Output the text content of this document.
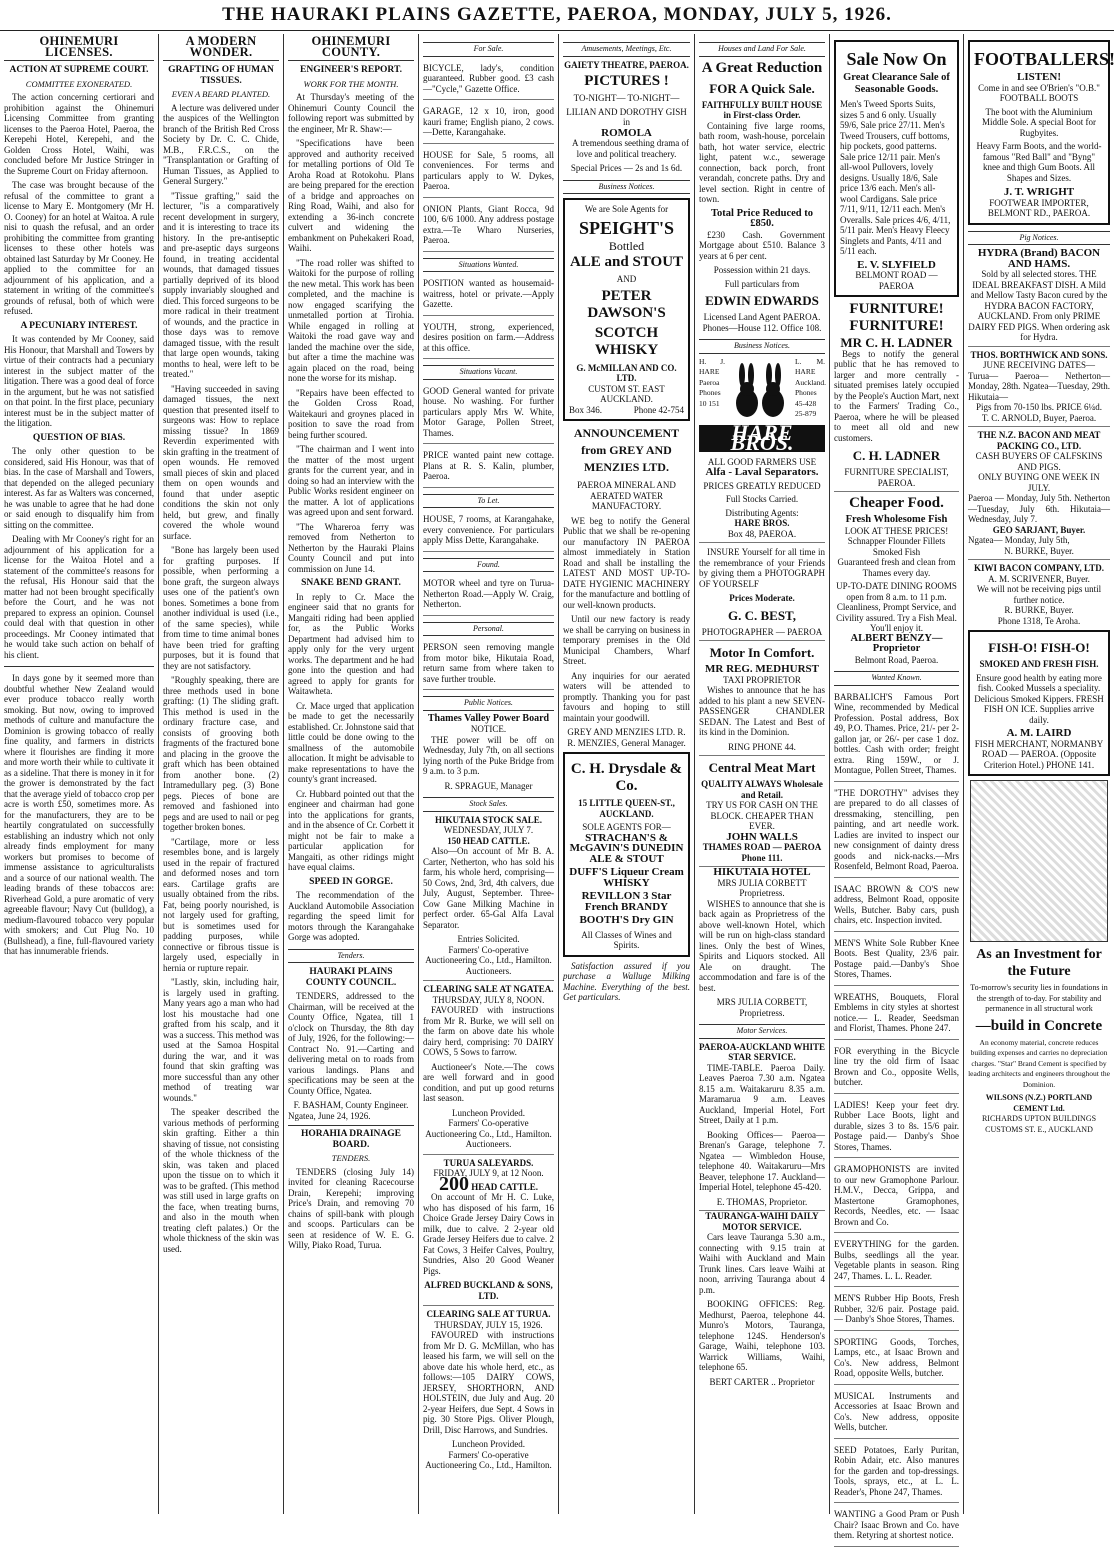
THE HAURAKI PLAINS GAZETTE, PAEROA, MONDAY, JULY 5, 1926.
OHINEMURI LICENSES.
ACTION AT SUPREME COURT.
COMMITTEE EXONERATED.

The action concerning certiorari and prohibition against the Ohinemuri Licensing Committee from granting licenses to the Paeroa Hotel, Paeroa, the Kerepehi Hotel, Kerepehi, and the Golden Cross Hotel, Waihi, was concluded before Mr Justice Stringer in the Supreme Court on Friday afternoon.

The case was brought because of the refusal of the committee to grant a license to Mary E. Montgomery (Mr H. O. Cooney) for an hotel at Waitoa. A rule nisi to quash the refusal, and an order prohibiting the committee from granting licenses to these other hotels was obtained last Saturday by Mr Cooney. He applied to the committee for an adjournment of his application, and a statement in writing of the committee's grounds of refusal, both of which were refused.

A PECUNIARY INTEREST.

It was contended by Mr Cooney, said His Honour, that Marshall and Towers by virtue of their contracts had a pecuniary interest in the subject matter of the litigation. There was a good deal of force in the argument, but he was not satisfied on that point. In the first place, pecuniary interest must be in the subject matter of the litigation.

QUESTION OF BIAS.

The only other question to be considered, said His Honour, was that of bias. In the case of Marshall and Towers, that depended on the alleged pecuniary interest. As far as Walters was concerned, he was unable to agree that he had done or said enough to disqualify him from sitting on the committee.

Dealing with Mr Cooney's right for an adjournment of his application for a license for the Waitoa Hotel and a statement of the committee's reasons for the refusal, His Honour said that the matter had not been brought specifically before the Court, and he was not prepared to express an opinion. Counsel could deal with that question in other proceedings. Mr Cooney intimated that he would take such action on behalf of his client.

In days gone by it seemed more than doubtful whether New Zealand would ever produce tobacco really worth smoking. But now, owing to improved methods of culture and manufacture the Dominion is growing tobacco of really fine quality, and farmers in districts where it flourishes are finding it more and more worth their while to cultivate it as a sideline. That there is money in it for the grower is demonstrated by the fact that the average yield of tobacco crop per acre is worth £50, sometimes more. As for the manufacturers, they are to be heartily congratulated on successfully establishing an industry which not only already finds employment for many workers but promises to become of immense assistance to agriculturalists and a source of our national wealth. The leading brands of these tobaccos are: Riverhead Gold, a pure aromatic of very agreeable flavour; Navy Cut (bulldog), a medium-flavoured tobacco very popular with smokers; and Cut Plug No. 10 (Bullshead), a fine, full-flavoured variety that has innumerable friends.

A MODERN WONDER.
GRAFTING OF HUMAN TISSUES.
EVEN A BEARD PLANTED.

A lecture was delivered under the auspices of the Wellington branch of the British Red Cross Society by Dr. C. C. Chide, M.B., F.R.C.S., on the "Transplantation or Grafting of Human Tissues, as Applied to General Surgery."

"Tissue grafting," said the lecturer, "is a comparatively recent development in surgery, and it is interesting to trace its history. In the pre-antiseptic and pre-aseptic days surgeons found, in treating accidental wounds, that damaged tissues partially deprived of its blood supply invariably sloughed and died. This forced surgeons to be more radical in their treatment of wounds, and the practice in those days was to remove damaged tissue, with the result that large open wounds, taking months to heal, were left to be treated."

"Having succeeded in saving damaged tissues, the next question that presented itself to surgeons was: How to replace missing tissue? In 1869 Reverdin experimented with skin grafting in the treatment of open wounds. He removed small pieces of skin and placed them on open wounds and found that under aseptic conditions the skin not only held, but grew, and finally covered the whole wound surface.

"Bone has largely been used for grafting purposes. If possible, when performing a bone graft, the surgeon always uses one of the patient's own bones. Sometimes a bone from another individual is used (i.e., of the same species), while from time to time animal bones have been tried for grafting purposes, but it is found that they are not satisfactory.

"Roughly speaking, there are three methods used in bone grafting: (1) The sliding graft. This method is used in the ordinary fracture case, and consists of grooving both fragments of the fractured bone and placing in the groove the graft which has been obtained from another bone. (2) Intramedullary peg. (3) Bone pegs. Pieces of bone are removed and fashioned into pegs and are used to nail or peg together broken bones.

"Cartilage, more or less resembles bone, and is largely used in the repair of fractured and deformed noses and torn ears. Cartilage grafts are usually obtained from the ribs. Fat, being poorly nourished, is not largely used for grafting, but is sometimes used for padding purposes, while connective or fibrous tissue is largely used, especially in hernia or rupture repair.

"Lastly, skin, including hair, is largely used in grafting. Many years ago a man who had lost his moustache had one grafted from his scalp, and it was a success. This method was used at the Samoa Hospital during the war, and it was found that skin grafting was more successful than any other method of treating war wounds."

The speaker described the various methods of performing skin grafting. Either a thin shaving of tissue, not consisting of the whole thickness of the skin, was taken and placed upon the tissue on to which it was to be grafted. (This method was still used in large grafts on the face, when treating burns, and also in the mouth when treating cleft palates.) Or the whole thickness of the skin was used.

OHINEMURI COUNTY.
ENGINEER'S REPORT.
WORK FOR THE MONTH.

At Thursday's meeting of the Ohinemuri County Council the following report was submitted by the engineer, Mr R. Shaw:—

"Specifications have been approved and authority received for metalling portions of Old Te Aroha Road at Rotokohu. Plans are being prepared for the erection of a bridge and approaches on Ring Road, Waihi, and also for extending a 36-inch concrete culvert and widening the embankment on Puhekakeri Road, Waihi.

"The road roller was shifted to Waitoki for the purpose of rolling the new metal. This work has been completed, and the machine is now engaged scarifying the unmetalled portion at Tirohia. While engaged in rolling at Waitoki the road gave way and landed the machine over the side, but after a time the machine was again placed on the road, being none the worse for its mishap.

"Repairs have been effected to the Golden Cross Road, Waitekauri and groynes placed in position to save the road from being further scoured.

"The chairman and I went into the matter of the most urgent grants for the current year, and in doing so had an interview with the Public Works resident engineer on the matter. A lot of applications was agreed upon and sent forward.

"The Whareroa ferry was removed from Netherton to Netherton by the Hauraki Plains County Council and put into commission on June 14.

SNAKE BEND GRANT.

In reply to Cr. Mace the engineer said that no grants for Mangaiti riding had been applied for, as the Public Works Department had advised him to apply only for the very urgent works. The department and he had gone into the question and had agreed to apply for grants for Waitawheta.

Cr. Mace urged that application be made to get the necessarily established. Cr. Johnstone said that little could be done owing to the smallness of the automobile allocation. It might be advisable to make representations to have the county's grant increased.

Cr. Hubbard pointed out that the engineer and chairman had gone into the applications for grants, and in the absence of Cr. Corbett it might not be fair to make a particular application for Mangaiti, as other ridings might have equal claims.

SPEED IN GORGE.

The recommendation of the Auckland Automobile Association regarding the speed limit for motors through the Karangahake Gorge was adopted.

Tenders.
HAURAKI PLAINS COUNTY COUNCIL.

TENDERS, addressed to the Chairman, will be received at the County Office, Ngatea, till 1 o'clock on Thursday, the 8th day of July, 1926, for the following:—Contract No. 91.—Carting and delivering metal on to roads from various landings. Plans and specifications may be seen at the County Office, Ngatea.

F. BASHAM, County Engineer.
Ngatea, June 24, 1926.
HORAHIA DRAINAGE BOARD.
TENDERS.

TENDERS (closing July 14) invited for cleaning Racecourse Drain, Kerepehi; improving Price's Drain, and removing 70 chains of spill-bank with plough and scoops. Particulars can be seen at residence of W. E. G. Willy, Piako Road, Turua.

For Sale.
BICYCLE, lady's, condition guaranteed. Rubber good. £3 cash—"Cycle," Gazette Office.
GARAGE, 12 x 10, iron, good kauri frame; English piano, 2 cows.—Dette, Karangahake.
HOUSE for Sale, 5 rooms, all conveniences. For terms and particulars apply to W. Dykes, Paeroa.
ONION Plants, Giant Rocca, 9d 100, 6/6 1000. Any address postage extra.—Te Wharo Nurseries, Paeroa.
Situations Wanted.
POSITION wanted as housemaid-waitress, hotel or private.—Apply Gazette.
YOUTH, strong, experienced, desires position on farm.—Address at this office.
Situations Vacant.
GOOD General wanted for private house. No washing. For further particulars apply Mrs W. White, Motor Garage, Pollen Street, Thames.
PRICE wanted paint new cottage. Plans at R. S. Kalin, plumber, Paeroa.
To Let.
HOUSE, 7 rooms, at Karangahake, every convenience. For particulars apply Miss Dette, Karangahake.
Found.
MOTOR wheel and tyre on Turua-Netherton Road.—Apply W. Craig, Netherton.
Personal.
PERSON seen removing mangle from motor bike, Hikutaia Road, return same from where taken to save further trouble.
Public Notices.
Thames Valley Power Board
NOTICE.

THE power will be off on Wednesday, July 7th, on all sections lying north of the Puke Bridge from 9 a.m. to 3 p.m.

R. SPRAGUE, Manager
Stock Sales.
HIKUTAIA STOCK SALE.
WEDNESDAY, JULY 7.
150 HEAD CATTLE.

Also—On account of Mr B. A. Carter, Netherton, who has sold his farm, his whole herd, comprising—50 Cows, 2nd, 3rd, 4th calvers, due July, August, September. Three-Cow Gane Milking Machine in perfect order. 65-Gal Alfa Laval Separator.

Entries Solicited.
Farmers' Co-operative Auctioneering Co., Ltd., Hamilton. Auctioneers.
CLEARING SALE AT NGATEA.
THURSDAY, JULY 8, NOON.

FAVOURED with instructions from Mr R. Burke, we will sell on the farm on above date his whole dairy herd, comprising: 70 DAIRY COWS, 5 Sows to farrow.

Auctioneer's Note.—The cows are well forward and in good condition, and put up good returns last season.

Luncheon Provided.
Farmers' Co-operative Auctioneering Co., Ltd., Hamilton. Auctioneers.
TURUA SALEYARDS.
FRIDAY, JULY 9, at 12 Noon.
200 HEAD CATTLE.

On account of Mr H. C. Luke, who has disposed of his farm, 16 Choice Grade Jersey Dairy Cows in milk, due to calve. 2 2-year old Grade Jersey Heifers due to calve. 2 Fat Cows, 3 Heifer Calves, Poultry, Sundries, Also 20 Good Weaner Pigs.

ALFRED BUCKLAND & SONS, LTD.
CLEARING SALE AT TURUA.
THURSDAY, JULY 15, 1926.

FAVOURED with instructions from Mr D. G. McMillan, who has leased his farm, we will sell on the above date his whole herd, etc., as follows:—105 DAIRY COWS, JERSEY, SHORTHORN, AND HOLSTEIN, due July and Aug. 20 2-year Heifers, due Sept. 4 Sows in pig. 30 Store Pigs. Oliver Plough, Drill, Disc Harrows, and Sundries.

Luncheon Provided.
Farmers' Co-operative Auctioneering Co., Ltd., Hamilton.
Amusements, Meetings, Etc.
GAIETY THEATRE, PAEROA.
PICTURES !
TO-NIGHT— TO-NIGHT—
LILIAN AND DOROTHY GISH in
ROMOLA

A tremendous seething drama of love and political treachery.

Special Prices — 2s and 1s 6d.
Business Notices.
We are Sole Agents for
SPEIGHT'S
Bottled
ALE and STOUT
AND
PETER DAWSON'S
SCOTCH WHISKY
G. McMILLAN AND CO. LTD.
CUSTOM ST. EAST AUCKLAND.
Box 346.	Phone 42-754
ANNOUNCEMENT from GREY AND MENZIES LTD.
PAEROA MINERAL AND AERATED WATER MANUFACTORY.

WE beg to notify the General Public that we shall be re-opening our manufactory IN PAEROA almost immediately in Station Road and shall be installing the LATEST AND MOST UP-TO-DATE HYGIENIC MACHINERY for the manufacture and bottling of our well-known products.

Until our new factory is ready we shall be carrying on business in temporary premises in the Old Municipal Chambers, Wharf Street.

Any inquiries for our aerated waters will be attended to promptly. Thanking you for past favours and hoping to still maintain your goodwill.

GREY AND MENZIES LTD. R. R. MENZIES, General Manager.
C. H. Drysdale & Co.
15 LITTLE QUEEN-ST., AUCKLAND.
SOLE AGENTS FOR—
STRACHAN'S & McGAVIN'S DUNEDIN ALE & STOUT
DUFF'S Liqueur Cream WHISKY
REVILLON 3 Star French BRANDY
BOOTH'S Dry GIN
All Classes of Wines and Spirits.

Satisfaction assured if you purchase a Walluge Milking Machine. Everything of the best. Get particulars.

Houses and Land For Sale.
A Great Reduction
FOR A Quick Sale.
FAITHFULLY BUILT HOUSE in First-class Order.

Containing five large rooms, bath room, wash-house, porcelain bath, hot water service, electric light, patent w.c., sewerage connection, back porch, front verandah, concrete paths. Dry and level section. Right in centre of town.

Total Price Reduced to £850.

£230 Cash. Government Mortgage about £510. Balance 3 years at 6 per cent.

Possession within 21 days.
Full particulars from
EDWIN EDWARDS
Licensed Land Agent PAEROA.
Phones—House 112. Office 108.
Business Notices.
H. J. HARE Paeroa Phones 10 151
L. M. HARE Auckland. Phones 45-428 25-879
HARE BROS.
ALL GOOD FARMERS USE
Alfa - Laval Separators.
PRICES GREATLY REDUCED
Full Stocks Carried.
Distributing Agents:
HARE BROS.
Box 48, PAEROA.

INSURE Yourself for all time in the remembrance of your Friends by giving them a PHOTOGRAPH OF YOURSELF

Prices Moderate.
G. C. BEST,
PHOTOGRAPHER — PAEROA
Motor In Comfort.
MR REG. MEDHURST
TAXI PROPRIETOR

Wishes to announce that he has added to his plant a new SEVEN-PASSENGER CHANDLER SEDAN. The Latest and Best of its kind in the Dominion.

RING PHONE 44.
Central Meat Mart
QUALITY ALWAYS Wholesale and Retail.
TRY US FOR CASH ON THE BLOCK. CHEAPER THAN EVER.
JOHN WALLS
THAMES ROAD — PAEROA Phone 111.
HIKUTAIA HOTEL
MRS JULIA CORBETT Proprietress.

WISHES to announce that she is back again as Proprietress of the above well-known Hotel, which will be run on high-class standard lines. Only the best of Wines, Spirits and Liquors stocked. All Ale on draught. The accommodation and fare is of the best.

MRS JULIA CORBETT, Proprietress.
Motor Services.
PAEROA-AUCKLAND WHITE STAR SERVICE.

TIME-TABLE. Paeroa Daily. Leaves Paeroa 7.30 a.m. Ngatea 8.15 a.m. Waitakaruru 8.35 a.m. Maramarua 9 a.m. Leaves Auckland, Imperial Hotel, Fort Street, Daily at 1 p.m.

Booking Offices— Paeroa—Brenan's Garage, telephone 7. Ngatea — Wimbledon House, telephone 40. Waitakaruru—Mrs Beaver, telephone 17. Auckland—Imperial Hotel, telephone 45-420.

E. THOMAS, Proprietor.
TAURANGA-WAIHI DAILY MOTOR SERVICE.

Cars leave Tauranga 5.30 a.m., connecting with 9.15 train at Waihi with Auckland and Main Trunk lines. Cars leave Waihi at noon, arriving Tauranga about 4 p.m.

BOOKING OFFICES: Reg. Medhurst, Paeroa, telephone 44. Munro's Motors, Tauranga, telephone 124S. Henderson's Garage, Waihi, telephone 103. Warrick Williams, Waihi, telephone 65.

BERT CARTER .. Proprietor
Sale Now On
Great Clearance Sale of Seasonable Goods.
Men's Tweed Sports Suits, sizes 5 and 6 only. Usually 59/6, Sale price 27/11. Men's Tweed Trousers, cuff bottoms, hip pockets, good patterns. Sale price 12/11 pair. Men's all-wool Pullovers, lovely designs. Usually 18/6, Sale price 13/6 each. Men's all-wool Cardigans. Sale price 7/11, 9/11, 12/11 each. Men's Overalls. Sale prices 4/6, 4/11, 5/11 pair. Men's Heavy Fleecy Singlets and Pants, 4/11 and 5/11 each.
E. V. SLYFIELD
BELMONT ROAD — PAEROA
FURNITURE! FURNITURE!
MR C. H. LADNER

Begs to notify the general public that he has removed to larger and more centrally - situated premises lately occupied by the People's Auction Mart, next to the Farmers' Trading Co., Paeroa, where he will be pleased to meet all old and new customers.

C. H. LADNER
FURNITURE SPECIALIST, PAEROA.
Cheaper Food.
Fresh Wholesome Fish
LOOK AT THESE PRICES!
Schnapper Flounder Fillets Smoked Fish
Guaranteed fresh and clean from Thames every day.
UP-TO-DATE DINING ROOMS open from 8 a.m. to 11 p.m. Cleanliness, Prompt Service, and Civility assured. Try a Fish Meal. You'll enjoy it.
ALBERT BENZY—Proprietor
Belmont Road, Paeroa.
Wanted Known.
BARBALICH'S Famous Port Wine, recommended by Medical Profession. Postal address, Box 49, P.O. Thames. Price, 21/- per 2-gallon jar, or 26/- per case 1 doz. bottles. Cash with order; freight extra. Ring 159W., or J. Montague, Pollen Street, Thames.
"THE DOROTHY" advises they are prepared to do all classes of dressmaking, stencilling, pen painting, and art needle work. Ladies are invited to inspect our new consignment of dainty dress goods and nick-nacks.—Mrs Rosenfeld, Belmont Road, Paeroa.
ISAAC BROWN & CO'S new address, Belmont Road, opposite Wells, Butcher. Baby cars, push chairs, etc. Inspection invited.
MEN'S White Sole Rubber Knee Boots. Best Quality, 23/6 pair. Postage paid.—Danby's Shoe Stores, Thames.
WREATHS, Bouquets, Floral Emblems in city styles at shortest notice.— L. Reader, Seedsman and Florist, Thames. Phone 247.
FOR everything in the Bicycle line try the old firm of Isaac Brown and Co., opposite Wells, butcher.
LADIES! Keep your feet dry. Rubber Lace Boots, light and durable, sizes 3 to 8s. 15/6 pair. Postage paid.— Danby's Shoe Stores, Thames.
GRAMOPHONISTS are invited to our new Gramophone Parlour. H.M.V., Decca, Grippa, and Mastertone Gramophones, Records, Needles, etc. — Isaac Brown and Co.
EVERYTHING for the garden. Bulbs, seedlings all the year. Vegetable plants in season. Ring 247, Thames. L. L. Reader.
MEN'S Rubber Hip Boots, Fresh Rubber, 32/6 pair. Postage paid. — Danby's Shoe Stores, Thames.
SPORTING Goods, Torches, Lamps, etc., at Isaac Brown and Co's. New address, Belmont Road, opposite Wells, butcher.
MUSICAL Instruments and Accessories at Isaac Brown and Co's. New address, opposite Wells, butcher.
SEED Potatoes, Early Puritan, Robin Adair, etc. Also manures for the garden and top-dressings. Tools, sprays, etc., at L. L. Reader's, Phone 247, Thames.
WANTING a Good Pram or Push Chair? Isaac Brown and Co. have them. Retyring at shortest notice.
FOOTBALLERS!
LISTEN!
Come in and see O'Brien's "O.B." FOOTBALL BOOTS
The boot with the Aluminium Middle Sole. A special Boot for Rugbyites.
Heavy Farm Boots, and the world-famous "Red Ball" and "Byng" knee and thigh Gum Boots. All Shapes and Sizes.
J. T. WRIGHT
FOOTWEAR IMPORTER, BELMONT RD., PAEROA.
Pig Notices.
HYDRA (Brand) BACON AND HAMS.
Sold by all selected stores. THE IDEAL BREAKFAST DISH. A Mild and Mellow Tasty Bacon cured by the HYDRA BACON FACTORY, AUCKLAND. From only PRIME DAIRY FED PIGS. When ordering ask for Hydra.
THOS. BORTHWICK AND SONS.
JUNE RECEIVING DATES—
Turua— Paeroa— Netherton—Monday, 28th. Ngatea—Tuesday, 29th. Hikutaia—
Pigs from 70-150 lbs. PRICE 6¼d.
T. C. ARNOLD, Buyer, Paeroa.
THE N.Z. BACON AND MEAT PACKING CO., LTD.
CASH BUYERS OF CALFSKINS AND PIGS.
ONLY BUYING ONE WEEK IN JULY.
Paeroa — Monday, July 5th. Netherton —Tuesday, July 6th. Hikutaia—Wednesday, July 7.
GEO SARJANT, Buyer.
Ngatea— Monday, July 5th,
N. BURKE, Buyer.
KIWI BACON COMPANY, LTD.
A. M. SCRIVENER, Buyer.
We will not be receiving pigs until further notice.
R. BURKE, Buyer.
Phone 1318, Te Aroha.
FISH-O! FISH-O!
SMOKED AND FRESH FISH.
Ensure good health by eating more fish. Cooked Mussels a speciality. Delicious Smoked Kippers. FRESH FISH ON ICE. Supplies arrive daily.
A. M. LAIRD
FISH MERCHANT, NORMANBY ROAD — PAEROA. (Opposite Criterion Hotel.) PHONE 141.
As an Investment for the Future
To-morrow's security lies in foundations in the strength of to-day. For stability and permanence in all structural work
—build in Concrete
An economy material, concrete reduces building expenses and carries no depreciation charges. "Star" Brand Cement is specified by leading architects and engineers throughout the Dominion.
WILSONS (N.Z.) PORTLAND CEMENT Ltd.
RICHARDS UPTON BUILDINGS CUSTOMS ST. E., AUCKLAND
